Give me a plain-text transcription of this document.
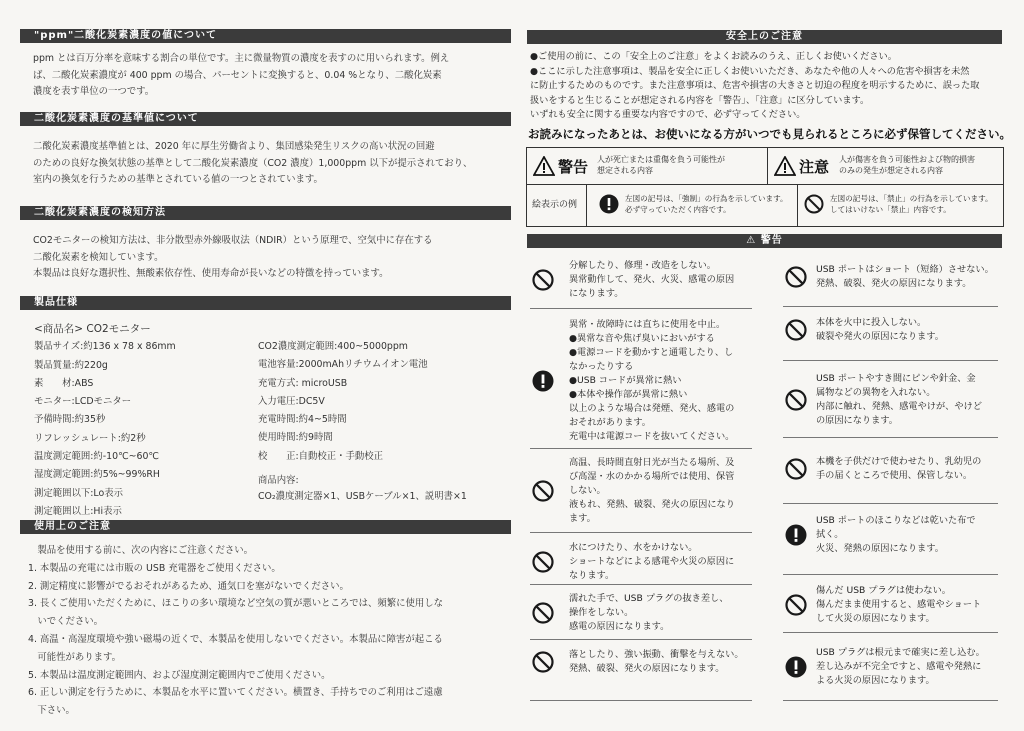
"ppm"二酸化炭素濃度の値について
ppm とは百万分率を意味する割合の単位です。主に微量物質の濃度を表すのに用いられます。例え
ば、二酸化炭素濃度が 400 ppm の場合、パーセントに変換すると、0.04 %となり、二酸化炭素
濃度を表す単位の一つです。
二酸化炭素濃度の基準値について
二酸化炭素濃度基準値とは、2020 年に厚生労働省より、集団感染発生リスクの高い状況の回避
のための良好な換気状態の基準として二酸化炭素濃度（CO2 濃度）1,000ppm 以下が提示されており、
室内の換気を行うための基準とされている値の一つとされています。
二酸化炭素濃度の検知方法
CO2モニターの検知方法は、非分散型赤外線吸収法（NDIR）という原理で、空気中に存在する
二酸化炭素を検知しています。
本製品は良好な選択性、無酸素依存性、使用寿命が長いなどの特徴を持っています。
製品仕様
<商品名> CO2モニター
製品サイズ:約136 x 78 x 86mm
製品質量:約220g
素　　材:ABS
モニター:LCDモニター
予備時間:約35秒
リフレッシュレート:約2秒
温度測定範囲:約-10℃~60℃
湿度測定範囲:約5%~99%RH
測定範囲以下:Lo表示
測定範囲以上:Hi表示
CO2濃度測定範囲:400~5000ppm
電池容量:2000mAhリチウムイオン電池
充電方式: microUSB
入力電圧:DC5V
充電時間:約4~5時間
使用時間:約9時間
校　　正:自動校正・手動校正
商品内容:
CO₂濃度測定器×1、USBケーブル×1、説明書×1
使用上のご注意
　製品を使用する前に、次の内容にご注意ください。
1. 本製品の充電には市販の USB 充電器をご使用ください。
2. 測定精度に影響がでるおそれがあるため、通気口を塞がないでください。
3. 長くご使用いただくために、ほこりの多い環境など空気の質が悪いところでは、頻繁に使用しな
　いでください。
4. 高温・高湿度環境や強い磁場の近くで、本製品を使用しないでください。本製品に障害が起こる
　可能性があります。
5. 本製品は温度測定範囲内、および湿度測定範囲内でご使用ください。
6. 正しい測定を行うために、本製品を水平に置いてください。横置き、手持ちでのご利用はご遠慮
　下さい。
安全上のご注意
●ご使用の前に、この「安全上のご注意」をよくお読みのうえ、正しくお使いください。
●ここに示した注意事項は、製品を安全に正しくお使いいただき、あなたや他の人々への危害や損害を未然
に防止するためのものです。また注意事項は、危害や損害の大きさと切迫の程度を明示するために、誤った取
扱いをすると生じることが想定される内容を「警告」、「注意」に区分しています。
いずれも安全に関する重要な内容ですので、必ず守ってください。
お読みになったあとは、お使いになる方がいつでも見られるところに必ず保管してください。
警告 人が死亡または重傷を負う可能性が
想定される内容	注意 人が傷害を負う可能性および物的損害
のみの発生が想定される内容
絵表示の例
左図の記号は、「強制」の行為を示しています。
必ず守っていただく内容です。
左図の記号は、「禁止」の行為を示しています。
してはいけない「禁止」内容です。
⚠ 警告
分解したり、修理・改造をしない。
異常動作して、発火、火災、感電の原因
になります。
異常・故障時には直ちに使用を中止。
●異常な音や焦げ臭いにおいがする
●電源コードを動かすと通電したり、し
なかったりする
●USB コードが異常に熱い
●本体や操作部が異常に熱い
以上のような場合は発煙、発火、感電の
おそれがあります。
充電中は電源コードを抜いてください。
高温、長時間直射日光が当たる場所、及
び高湿・水のかかる場所では使用、保管
しない。
液もれ、発熱、破裂、発火の原因になり
ます。
水につけたり、水をかけない。
ショートなどによる感電や火災の原因に
なります。
濡れた手で、USB プラグの抜き差し、
操作をしない。
感電の原因になります。
落としたり、強い振動、衝撃を与えない。
発熱、破裂、発火の原因になります。
USB ポートはショート（短絡）させない。
発熱、破裂、発火の原因になります。
本体を火中に投入しない。
破裂や発火の原因になります。
USB ポートやすき間にピンや針金、金
属物などの異物を入れない。
内部に触れ、発熱、感電やけが、やけど
の原因になります。
本機を子供だけで使わせたり、乳幼児の
手の届くところで使用、保管しない。
USB ポートのほこりなどは乾いた布で
拭く。
火災、発熱の原因になります。
傷んだ USB プラグは使わない。
傷んだまま使用すると、感電やショート
して火災の原因になります。
USB プラグは根元まで確実に差し込む。
差し込みが不完全ですと、感電や発熱に
よる火災の原因になります。
